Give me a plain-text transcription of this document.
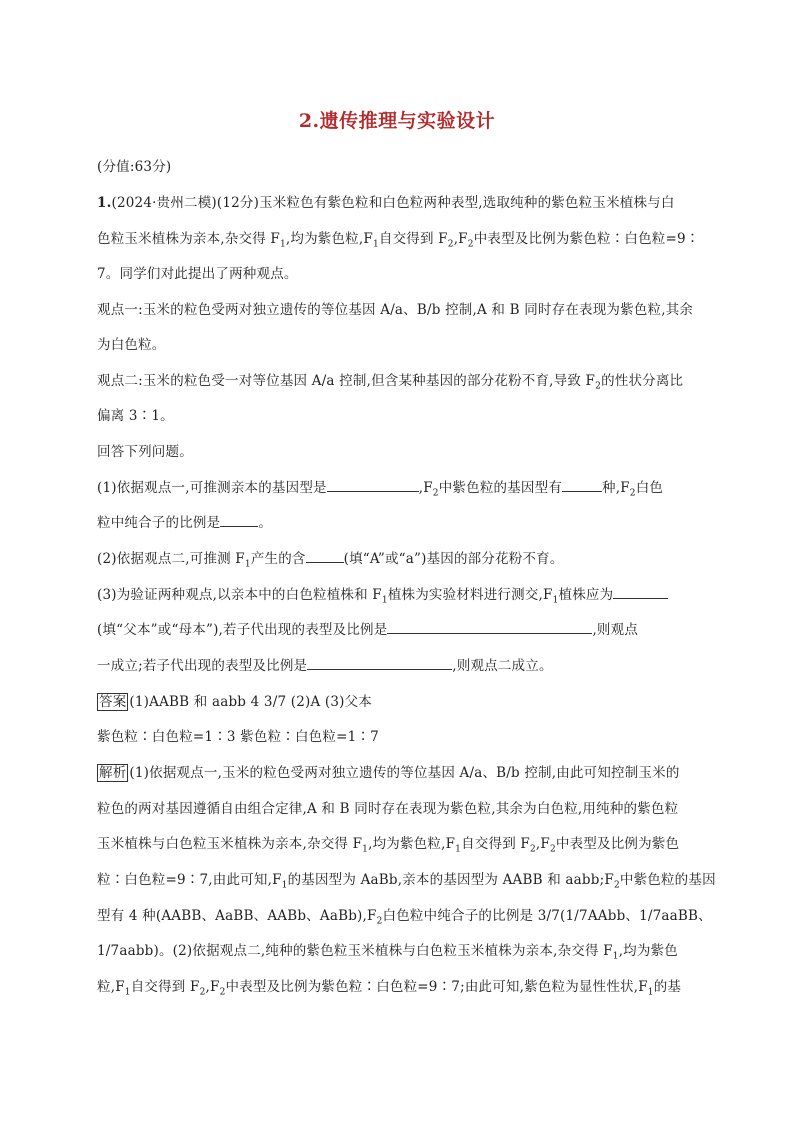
2.遗传推理与实验设计
(分值:63分)
1.(2024·贵州二模)(12分)玉米粒色有紫色粒和白色粒两种表型,选取纯种的紫色粒玉米植株与白
色粒玉米植株为亲本,杂交得 $F_1$,均为紫色粒$,F_1$自交得到 $F_2,F_2$中表型及比例为紫色粒∶白色粒=9∶
7。同学们对此提出了两种观点。
观点一:玉米的粒色受两对独立遗传的等位基因 A/a、B/b 控制,A 和 B 同时存在表现为紫色粒,其余
为白色粒。
观点二:玉米的粒色受一对等位基因 A/a 控制,但含某种基因的部分花粉不育,导致 $F_2$的性状分离比
偏离 3∶1。
回答下列问题。
(1)依据观点一,可推测亲本的基因型是	$,F_2$中紫色粒的基因型有	种$,F_2$白色
粒中纯合子的比例是	。
(2)依据观点二,可推测 $F_1$产生的含	(填“A”或“a”)基因的部分花粉不育。
(3)为验证两种观点,以亲本中的白色粒植株和 $F_1$植株为实验材料进行测交$,F_1$植株应为
(填“父本”或“母本”),若子代出现的表型及比例是	,则观点
一成立;若子代出现的表型及比例是	,则观点二成立。
答案 (1)AABB 和 aabb 4 3/7 (2)A (3)父本
紫色粒∶白色粒=1∶3 紫色粒∶白色粒=1∶7
解析 (1)依据观点一,玉米的粒色受两对独立遗传的等位基因 A/a、B/b 控制,由此可知控制玉米的
粒色的两对基因遵循自由组合定律,A 和 B 同时存在表现为紫色粒,其余为白色粒,用纯种的紫色粒
玉米植株与白色粒玉米植株为亲本,杂交得 $F_1$,均为紫色粒$,F_1$自交得到 $F_2,F_2$中表型及比例为紫色
粒∶白色粒=9∶7,由此可知$,F_1$的基因型为 AaBb,亲本的基因型为 AABB 和 $aabb;F_2$中紫色粒的基因
型有 4 种(AABB、AaBB、AABb、$AaBb),F_2$白色粒中纯合子的比例是 3/7(1/7AAbb、1/7aaBB、
1/7aabb)。(2)依据观点二,纯种的紫色粒玉米植株与白色粒玉米植株为亲本,杂交得 $F_1$,均为紫色
粒$,F_1$自交得到 $F_2,F_2$中表型及比例为紫色粒∶白色粒=9∶7;由此可知,紫色粒为显性性状$,F_1$的基
